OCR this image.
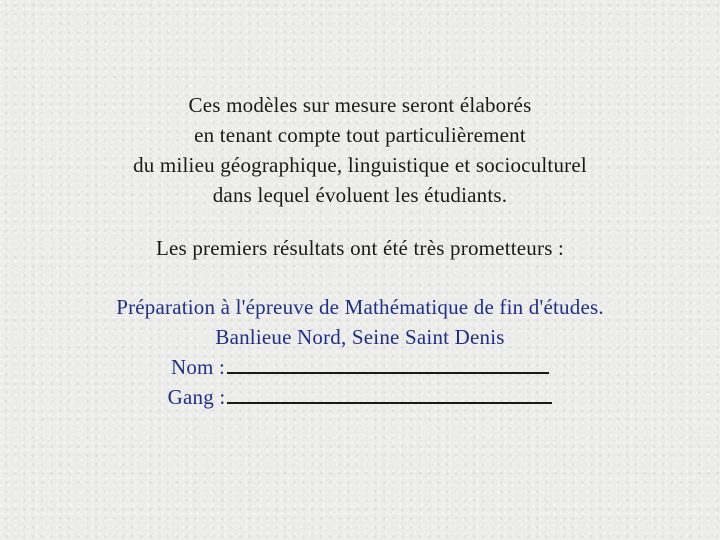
Ces modèles sur mesure seront élaborés
en tenant compte tout particulièrement
du milieu géographique, linguistique et socioculturel
dans lequel évoluent les étudiants.
Les premiers résultats ont été très prometteurs :
Préparation à l'épreuve de Mathématique de fin d'études.
Banlieue Nord, Seine Saint Denis
Nom :
Gang :
